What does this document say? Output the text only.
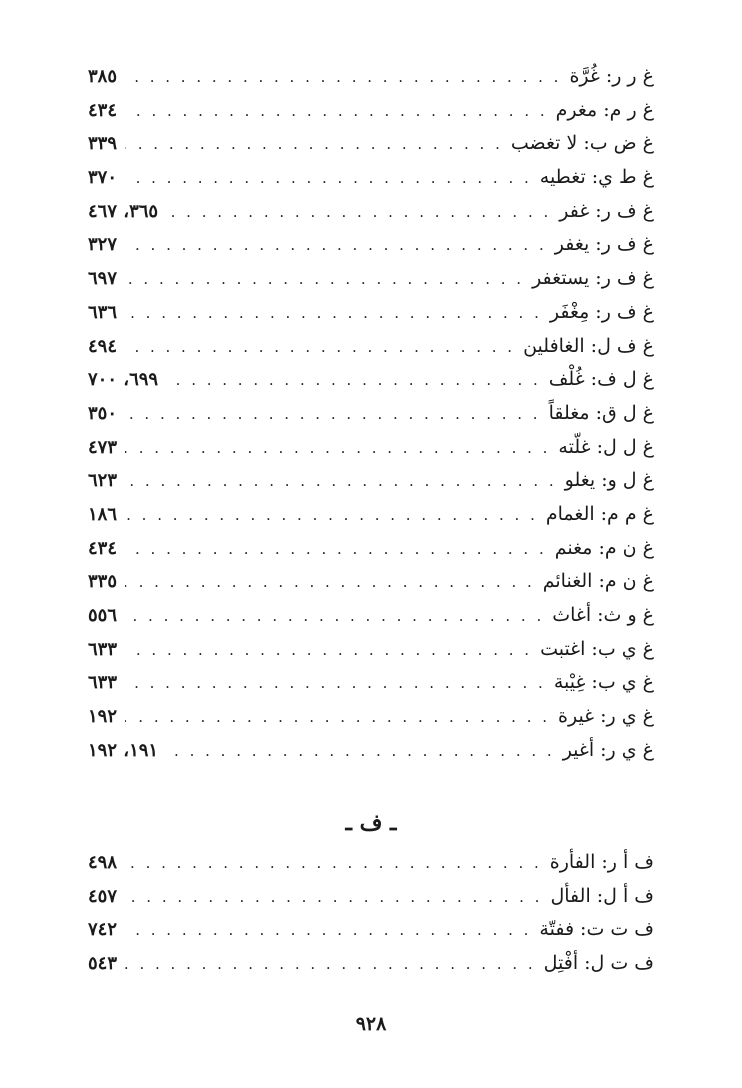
غ ر ر
:
غُرَّة
. . .
٣٨٥
غ ر م
:
مغرم
. . .
٤٣٤
غ ض ب
:
لا تغضب
. . .
٣٣٩
غ ط ي
:
تغطيه
. . .
٣٧٠
غ ف ر
:
غفر
. . .
٣٦٥، ٤٦٧
غ ف ر
:
يغفر
. . .
٣٢٧
غ ف ر
:
يستغفر
. . .
٦٩٧
غ ف ر
:
مِغْفَر
. . .
٦٣٦
غ ف ل
:
الغافلين
. . .
٤٩٤
غ ل ف
:
غُلْف
. . .
٦٩٩، ٧٠٠
غ ل ق
:
مغلقاً
. . .
٣٥٠
غ ل ل
:
غلّته
. . .
٤٧٣
غ ل و
:
يغلو
. . .
٦٢٣
غ م م
:
الغمام
. . .
١٨٦
غ ن م
:
مغنم
. . .
٤٣٤
غ ن م
:
الغنائم
. . .
٣٣٥
غ و ث
:
أغاث
. . .
٥٥٦
غ ي ب
:
اغتبت
. . .
٦٣٣
غ ي ب
:
غِيْبة
. . .
٦٣٣
غ ي ر
:
غيرة
. . .
١٩٢
غ ي ر
:
أغير
. . .
١٩١، ١٩٢
ـ ف ـ
ف أ ر
:
الفأرة
. . .
٤٩٨
ف أ ل
:
الفأل
. . .
٤٥٧
ف ت ت
:
ففتّة
. . .
٧٤٢
ف ت ل
:
أفْتِل
. . .
٥٤٣
٩٢٨
